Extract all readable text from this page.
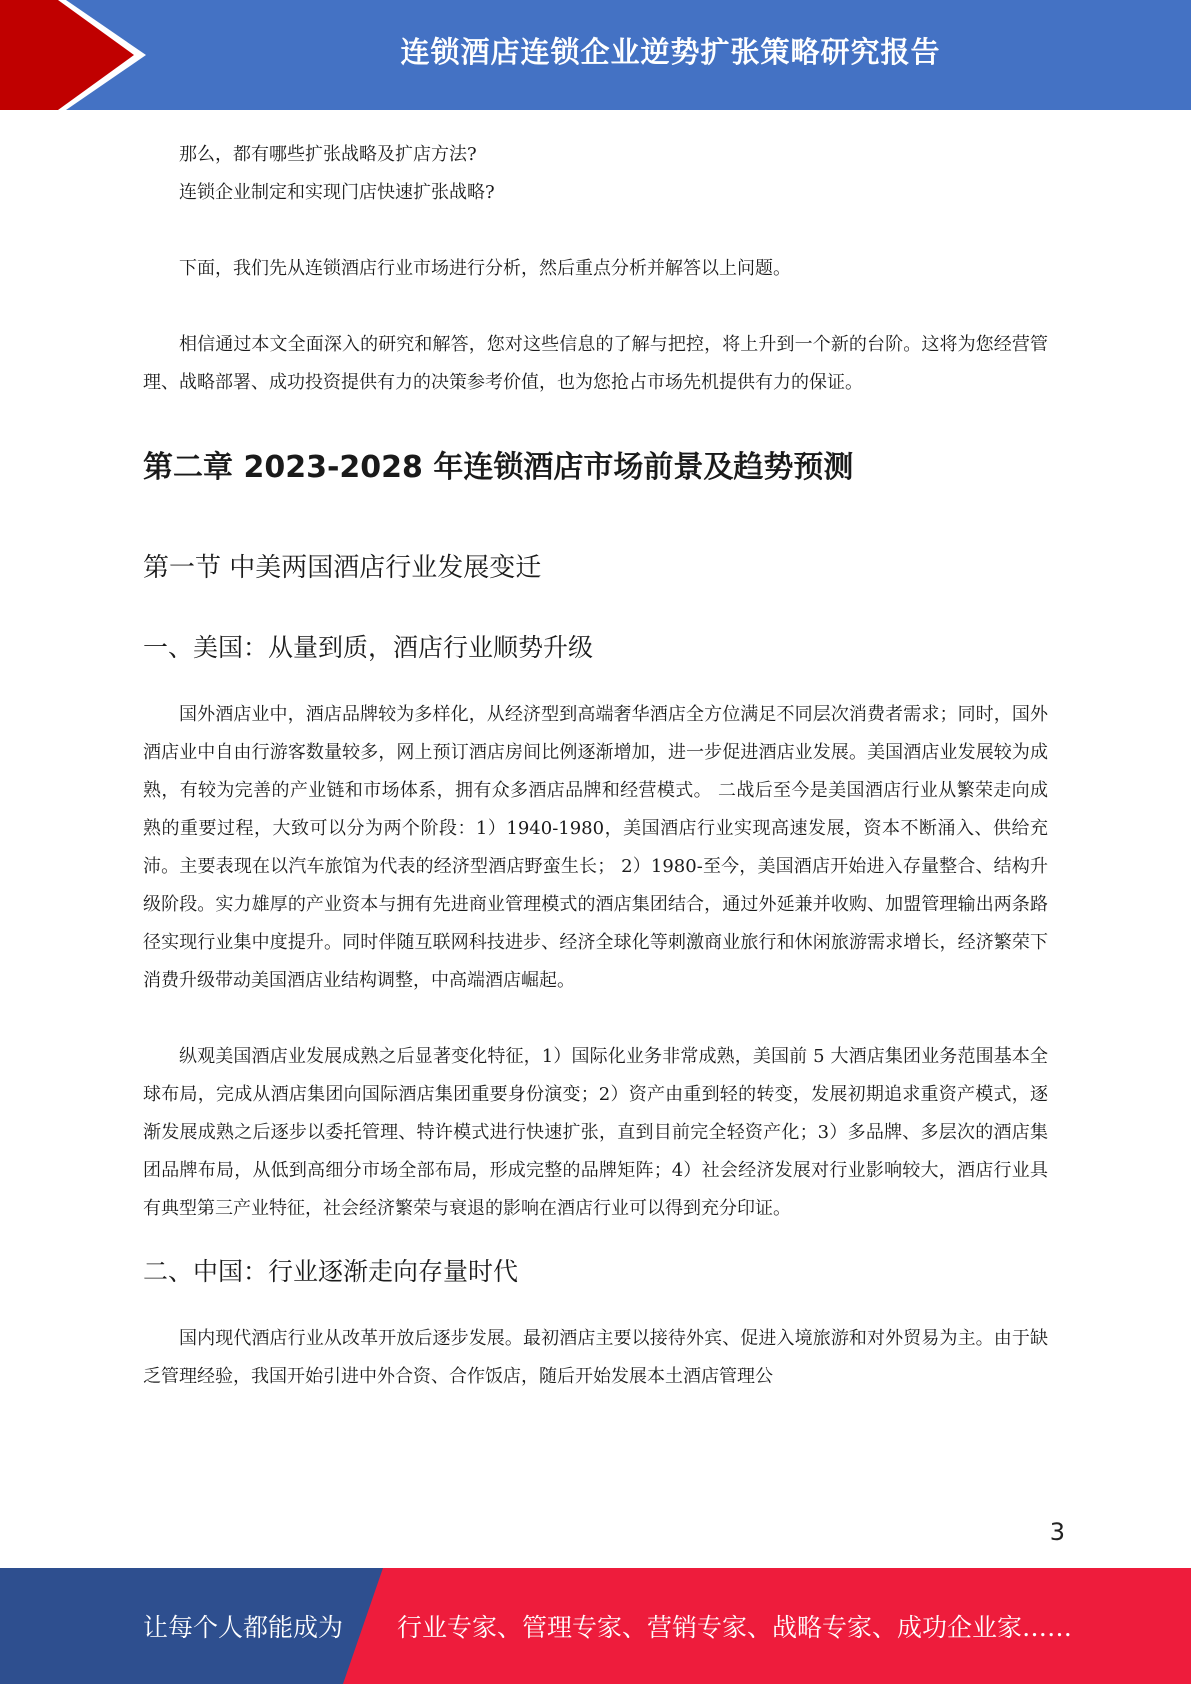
连锁酒店连锁企业逆势扩张策略研究报告

那么，都有哪些扩张战略及扩店方法?

连锁企业制定和实现门店快速扩张战略?

下面，我们先从连锁酒店行业市场进行分析，然后重点分析并解答以上问题。

相信通过本文全面深入的研究和解答，您对这些信息的了解与把控，将上升到一个新的台阶。这将为您经营管理、战略部署、成功投资提供有力的决策参考价值，也为您抢占市场先机提供有力的保证。

第二章 2023-2028 年连锁酒店市场前景及趋势预测
第一节 中美两国酒店行业发展变迁
一、美国：从量到质，酒店行业顺势升级

国外酒店业中，酒店品牌较为多样化，从经济型到高端奢华酒店全方位满足不同层次消费者需求；同时，国外酒店业中自由行游客数量较多，网上预订酒店房间比例逐渐增加，进一步促进酒店业发展。美国酒店业发展较为成熟，有较为完善的产业链和市场体系，拥有众多酒店品牌和经营模式。 二战后至今是美国酒店行业从繁荣走向成熟的重要过程，大致可以分为两个阶段：1）1940-1980，美国酒店行业实现高速发展，资本不断涌入、供给充沛。主要表现在以汽车旅馆为代表的经济型酒店野蛮生长； 2）1980-至今，美国酒店开始进入存量整合、结构升级阶段。实力雄厚的产业资本与拥有先进商业管理模式的酒店集团结合，通过外延兼并收购、加盟管理输出两条路径实现行业集中度提升。同时伴随互联网科技进步、经济全球化等刺激商业旅行和休闲旅游需求增长，经济繁荣下消费升级带动美国酒店业结构调整，中高端酒店崛起。

纵观美国酒店业发展成熟之后显著变化特征，1）国际化业务非常成熟，美国前 5 大酒店集团业务范围基本全球布局，完成从酒店集团向国际酒店集团重要身份演变；2）资产由重到轻的转变，发展初期追求重资产模式，逐渐发展成熟之后逐步以委托管理、特许模式进行快速扩张，直到目前完全轻资产化；3）多品牌、多层次的酒店集团品牌布局，从低到高细分市场全部布局，形成完整的品牌矩阵；4）社会经济发展对行业影响较大，酒店行业具有典型第三产业特征，社会经济繁荣与衰退的影响在酒店行业可以得到充分印证。

二、中国：行业逐渐走向存量时代

国内现代酒店行业从改革开放后逐步发展。最初酒店主要以接待外宾、促进入境旅游和对外贸易为主。由于缺乏管理经验，我国开始引进中外合资、合作饭店，随后开始发展本土酒店管理公

3
让每个人都能成为 行业专家、管理专家、营销专家、战略专家、成功企业家……
